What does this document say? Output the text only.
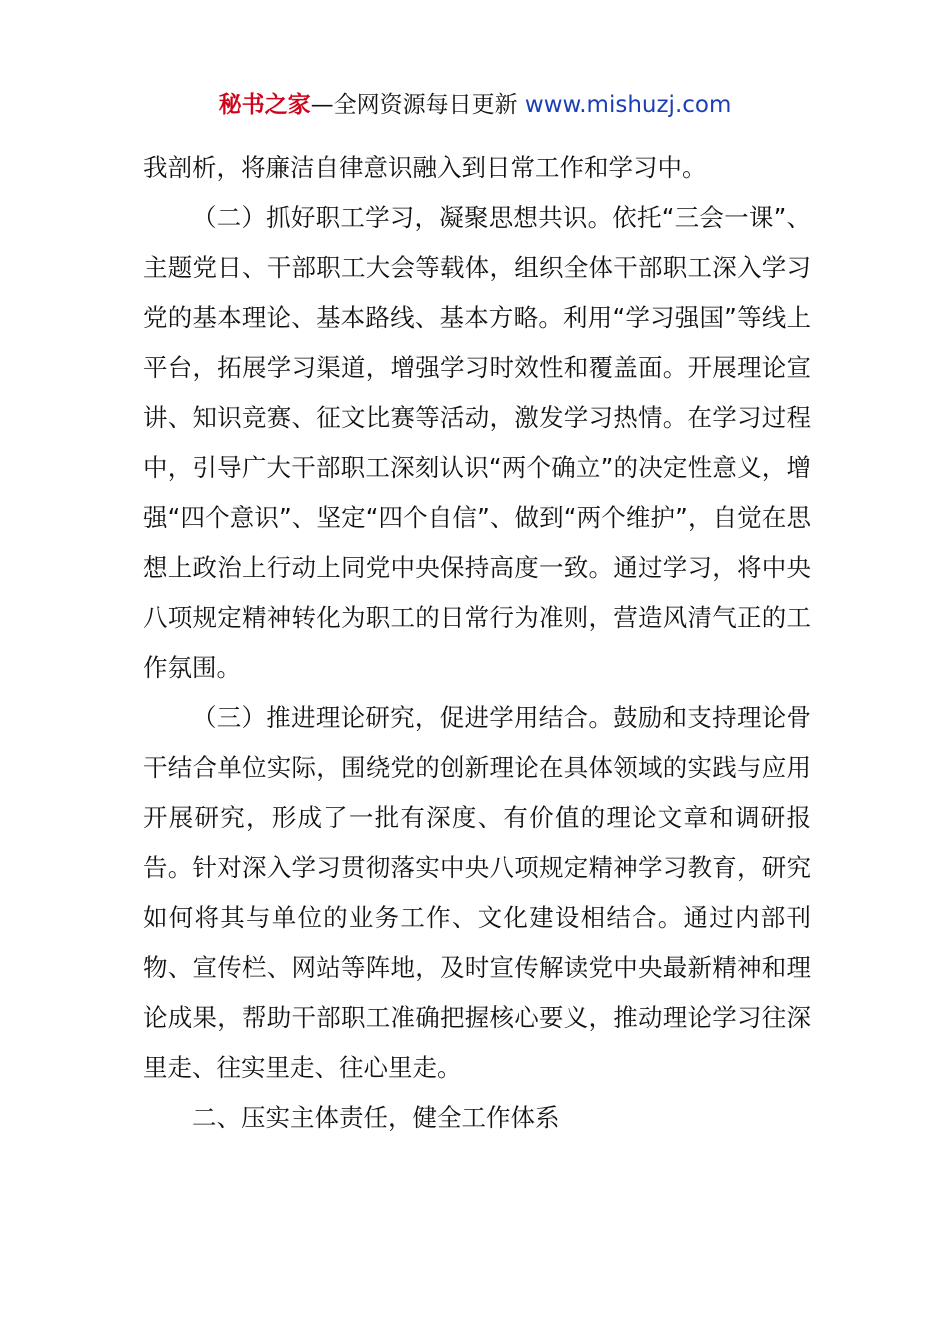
秘书之家—全网资源每日更新 www.mishuzj.com

我剖析，将廉洁自律意识融入到日常工作和学习中。

（二）抓好职工学习，凝聚思想共识。依托“三会一课”、主题党日、干部职工大会等载体，组织全体干部职工深入学习党的基本理论、基本路线、基本方略。利用“学习强国”等线上平台，拓展学习渠道，增强学习时效性和覆盖面。开展理论宣讲、知识竞赛、征文比赛等活动，激发学习热情。在学习过程中，引导广大干部职工深刻认识“两个确立”的决定性意义，增强“四个意识”、坚定“四个自信”、做到“两个维护”，自觉在思想上政治上行动上同党中央保持高度一致。通过学习，将中央八项规定精神转化为职工的日常行为准则，营造风清气正的工作氛围。

（三）推进理论研究，促进学用结合。鼓励和支持理论骨干结合单位实际，围绕党的创新理论在具体领域的实践与应用开展研究，形成了一批有深度、有价值的理论文章和调研报告。针对深入学习贯彻落实中央八项规定精神学习教育，研究如何将其与单位的业务工作、文化建设相结合。通过内部刊物、宣传栏、网站等阵地，及时宣传解读党中央最新精神和理论成果，帮助干部职工准确把握核心要义，推动理论学习往深里走、往实里走、往心里走。

二、压实主体责任，健全工作体系
